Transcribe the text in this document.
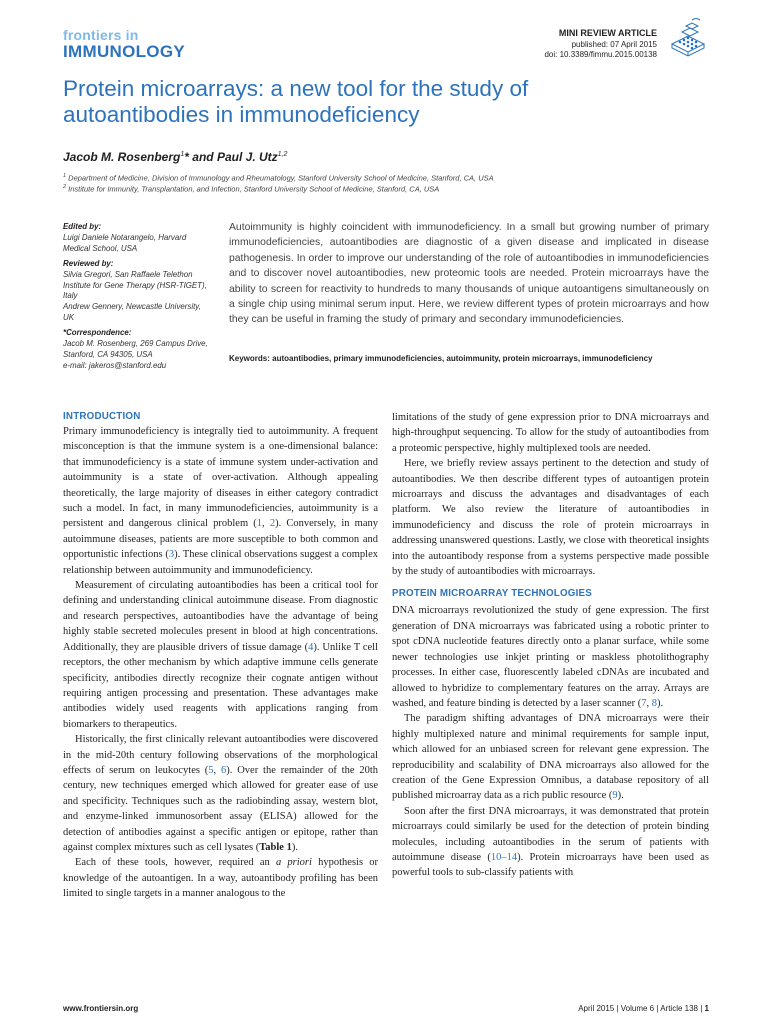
frontiers in
IMMUNOLOGY
MINI REVIEW ARTICLE
published: 07 April 2015
doi: 10.3389/fimmu.2015.00138
Protein microarrays: a new tool for the study of autoantibodies in immunodeficiency
Jacob M. Rosenberg$^1$* and Paul J. Utz$^{1,2}$
$^1$ Department of Medicine, Division of Immunology and Rheumatology, Stanford University School of Medicine, Stanford, CA, USA
$^2$ Institute for Immunity, Transplantation, and Infection, Stanford University School of Medicine, Stanford, CA, USA
Edited by:
Luigi Daniele Notarangelo, Harvard Medical School, USA
Reviewed by:
Silvia Gregori, San Raffaele Telethon Institute for Gene Therapy (HSR-TIGET), Italy
Andrew Gennery, Newcastle University, UK
*Correspondence:
Jacob M. Rosenberg, 269 Campus Drive, Stanford, CA 94305, USA
e-mail: jakeros@stanford.edu
Autoimmunity is highly coincident with immunodeficiency. In a small but growing number of primary immunodeficiencies, autoantibodies are diagnostic of a given disease and implicated in disease pathogenesis. In order to improve our understanding of the role of autoantibodies in immunodeficiencies and to discover novel autoantibodies, new proteomic tools are needed. Protein microarrays have the ability to screen for reactivity to hundreds to many thousands of unique autoantigens simultaneously on a single chip using minimal serum input. Here, we review different types of protein microarrays and how they can be useful in framing the study of primary and secondary immunodeficiencies.
Keywords: autoantibodies, primary immunodeficiencies, autoimmunity, protein microarrays, immunodeficiency
INTRODUCTION

Primary immunodeficiency is integrally tied to autoimmunity. A frequent misconception is that the immune system is a one-dimensional balance: that immunodeficiency is a state of immune system under-activation and autoimmunity is a state of over-activation. Although appealing theoretically, the large majority of diseases in either category contradict such a model. In fact, in many immunodeficiencies, autoimmunity is a persistent and dangerous clinical problem (1, 2). Conversely, in many autoimmune diseases, patients are more susceptible to both common and opportunistic infections (3). These clinical observations suggest a complex relationship between autoimmunity and immunodeficiency.

Measurement of circulating autoantibodies has been a critical tool for defining and understanding clinical autoimmune disease. From diagnostic and research perspectives, autoantibodies have the advantage of being highly stable secreted molecules present in blood at high concentrations. Additionally, they are plausible drivers of tissue damage (4). Unlike T cell receptors, the other mechanism by which adaptive immune cells generate specificity, antibodies directly recognize their cognate antigen without requiring antigen processing and presentation. These advantages make antibodies widely used reagents with applications ranging from biomarkers to therapeutics.

Historically, the first clinically relevant autoantibodies were discovered in the mid-20th century following observations of the morphological effects of serum on leukocytes (5, 6). Over the remainder of the 20th century, new techniques emerged which allowed for greater ease of use and specificity. Techniques such as the radiobinding assay, western blot, and enzyme-linked immunosorbent assay (ELISA) allowed for the detection of antibodies against a specific antigen or epitope, rather than against complex mixtures such as cell lysates (Table 1).

Each of these tools, however, required an a priori hypothesis or knowledge of the autoantigen. In a way, autoantibody profiling has been limited to single targets in a manner analogous to the

limitations of the study of gene expression prior to DNA microarrays and high-throughput sequencing. To allow for the study of autoantibodies from a proteomic perspective, highly multiplexed tools are needed.

Here, we briefly review assays pertinent to the detection and study of autoantibodies. We then describe different types of autoantigen protein microarrays and discuss the advantages and disadvantages of each platform. We also review the literature of autoantibodies in immunodeficiency and discuss the role of protein microarrays in addressing unanswered questions. Lastly, we close with theoretical insights into the autoantibody response from a systems perspective made possible by the study of autoantibodies with microarrays.

PROTEIN MICROARRAY TECHNOLOGIES

DNA microarrays revolutionized the study of gene expression. The first generation of DNA microarrays was fabricated using a robotic printer to spot cDNA nucleotide features directly onto a planar surface, while some newer technologies use inkjet printing or maskless photolithography processes. In either case, fluorescently labeled cDNAs are incubated and allowed to hybridize to complementary features on the array. Arrays are washed, and feature binding is detected by a laser scanner (7, 8).

The paradigm shifting advantages of DNA microarrays were their highly multiplexed nature and minimal requirements for sample input, which allowed for an unbiased screen for relevant gene expression. The reproducibility and scalability of DNA microarrays also allowed for the creation of the Gene Expression Omnibus, a database repository of all published microarray data as a rich public resource (9).

Soon after the first DNA microarrays, it was demonstrated that protein microarrays could similarly be used for the detection of protein binding molecules, including autoantibodies in the serum of patients with autoimmune disease (10–14). Protein microarrays have been used as powerful tools to sub-classify patients with

www.frontiersin.org	April 2015 | Volume 6 | Article 138 | 1
